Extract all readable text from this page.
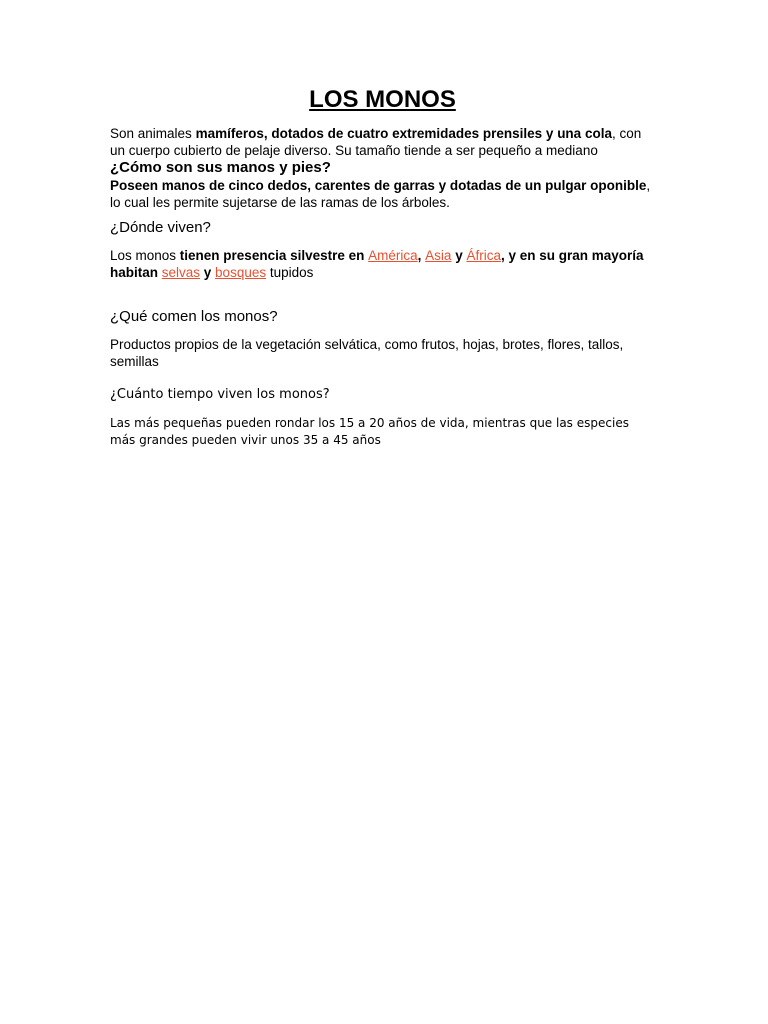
LOS MONOS

Son animales mamíferos, dotados de cuatro extremidades prensiles y una cola, con un cuerpo cubierto de pelaje diverso. Su tamaño tiende a ser pequeño a mediano

¿Cómo son sus manos y pies?

Poseen manos de cinco dedos, carentes de garras y dotadas de un pulgar oponible, lo cual les permite sujetarse de las ramas de los árboles.

¿Dónde viven?

Los monos tienen presencia silvestre en América, Asia y África, y en su gran mayoría habitan selvas y bosques tupidos

¿Qué comen los monos?

Productos propios de la vegetación selvática, como frutos, hojas, brotes, flores, tallos, semillas

¿Cuánto tiempo viven los monos?

Las más pequeñas pueden rondar los 15 a 20 años de vida, mientras que las especies más grandes pueden vivir unos 35 a 45 años
